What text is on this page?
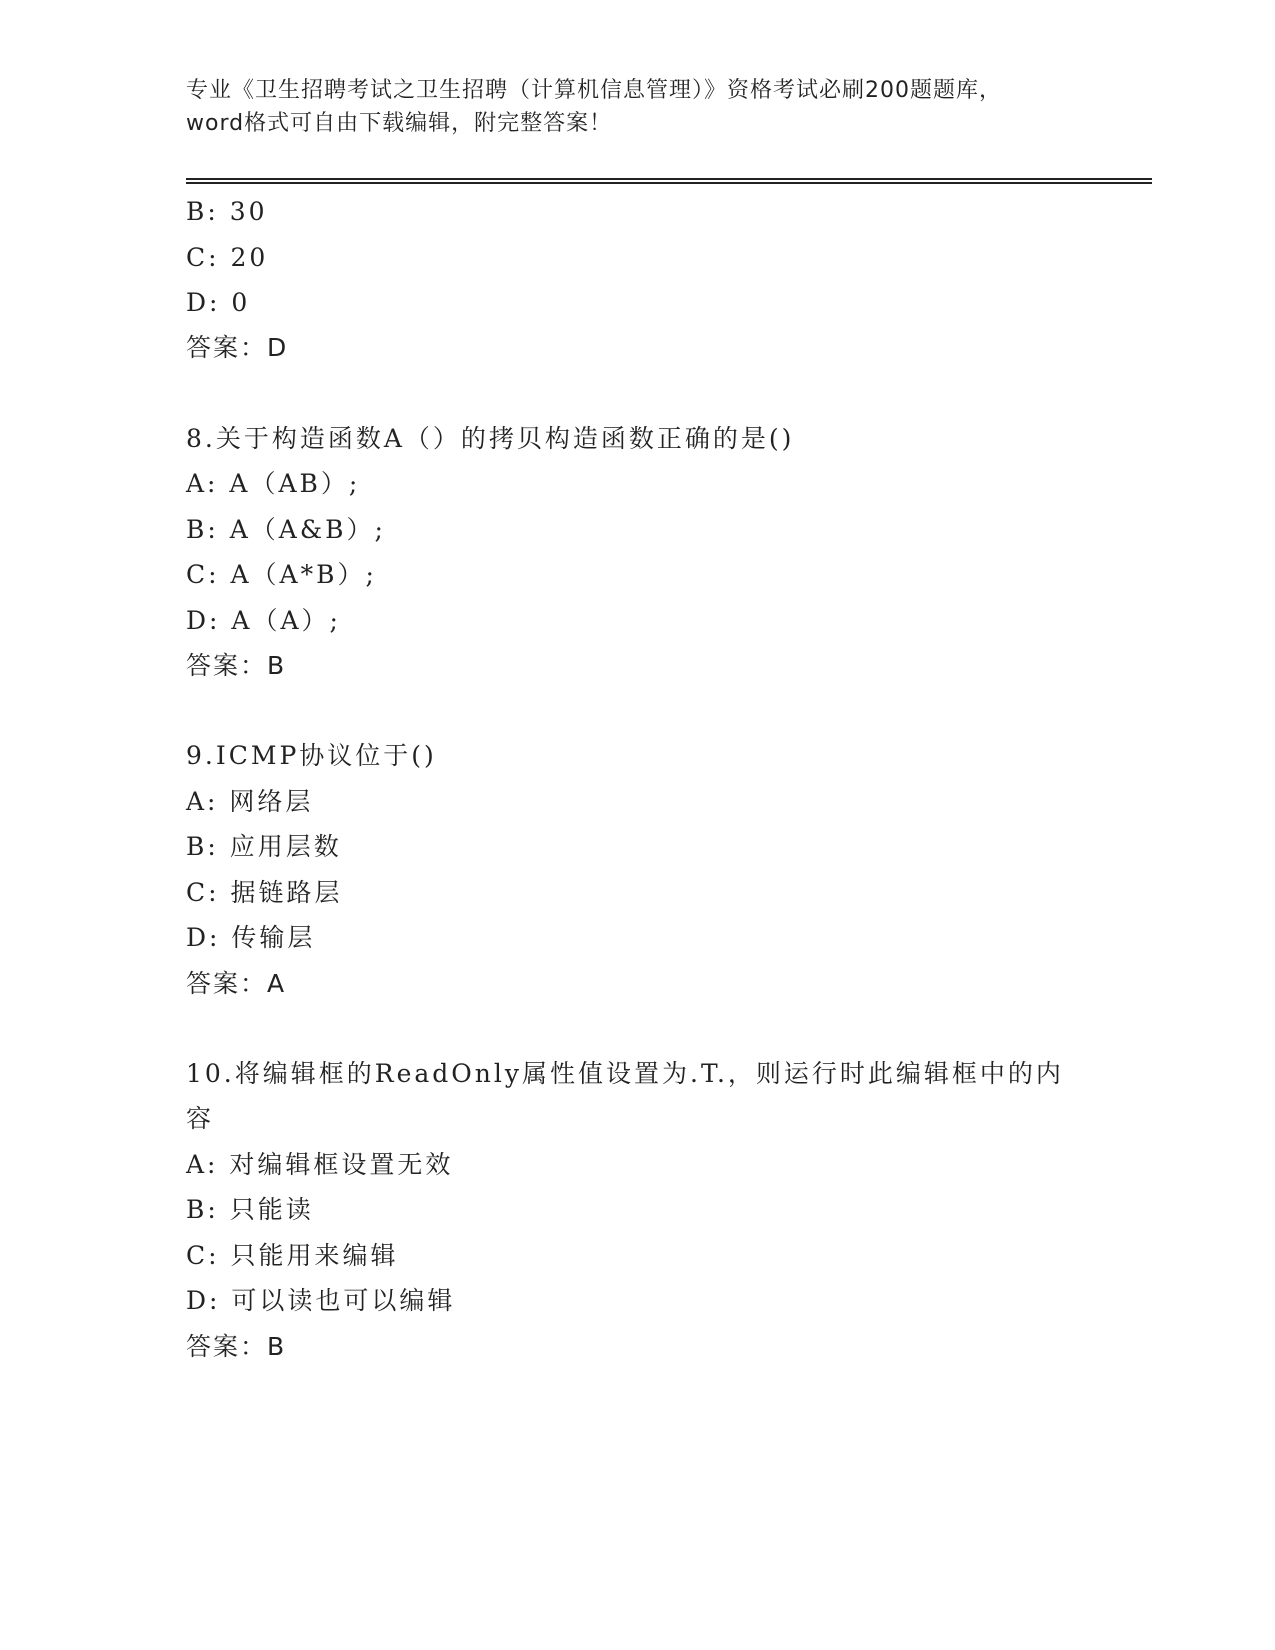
专业《卫生招聘考试之卫生招聘（计算机信息管理）》资格考试必刷200题题库，
word格式可自由下载编辑，附完整答案！
B: 30
C: 20
D: 0
答案：D
8.关于构造函数A（）的拷贝构造函数正确的是()
A: A（AB）;
B: A（A&B）;
C: A（A*B）;
D: A（A）;
答案：B
9.ICMP协议位于()
A: 网络层
B: 应用层数
C: 据链路层
D: 传输层
答案：A
10.将编辑框的ReadOnly属性值设置为.T.，则运行时此编辑框中的内
容
A: 对编辑框设置无效
B: 只能读
C: 只能用来编辑
D: 可以读也可以编辑
答案：B
